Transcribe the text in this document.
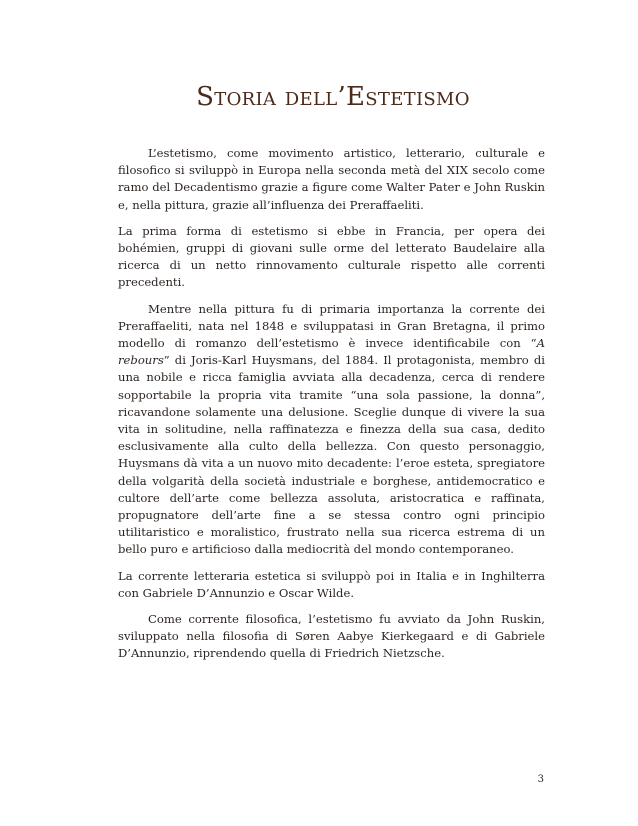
Storia dell’Estetismo

L’estetismo, come movimento artistico, letterario, culturale e filosofico si sviluppò in Europa nella seconda metà del XIX secolo come ramo del Decadentismo grazie a figure come Walter Pater e John Ruskin e, nella pittura, grazie all’influenza dei Preraffaeliti.

La prima forma di estetismo si ebbe in Francia, per opera dei bohémien, gruppi di giovani sulle orme del letterato Baudelaire alla ricerca di un netto rinnovamento culturale rispetto alle correnti precedenti.

Mentre nella pittura fu di primaria importanza la corrente dei Preraffaeliti, nata nel 1848 e sviluppatasi in Gran Bretagna, il primo modello di romanzo dell’estetismo è invece identificabile con “A rebours” di Joris-Karl Huysmans, del 1884. Il protagonista, membro di una nobile e ricca famiglia avviata alla decadenza, cerca di rendere sopportabile la propria vita tramite “una sola passione, la donna”, ricavandone solamente una delusione. Sceglie dunque di vivere la sua vita in solitudine, nella raffinatezza e finezza della sua casa, dedito esclusivamente alla culto della bellezza. Con questo personaggio, Huysmans dà vita a un nuovo mito decadente: l’eroe esteta, spregiatore della volgarità della società industriale e borghese, antidemocratico e cultore dell’arte come bellezza assoluta, aristocratica e raffinata, propugnatore dell’arte fine a se stessa contro ogni principio utilitaristico e moralistico, frustrato nella sua ricerca estrema di un bello puro e artificioso dalla mediocrità del mondo contemporaneo.

La corrente letteraria estetica si sviluppò poi in Italia e in Inghilterra con Gabriele D’Annunzio e Oscar Wilde.

Come corrente filosofica, l’estetismo fu avviato da John Ruskin, sviluppato nella filosofia di Søren Aabye Kierkegaard e di Gabriele D’Annunzio, riprendendo quella di Friedrich Nietzsche.

3
